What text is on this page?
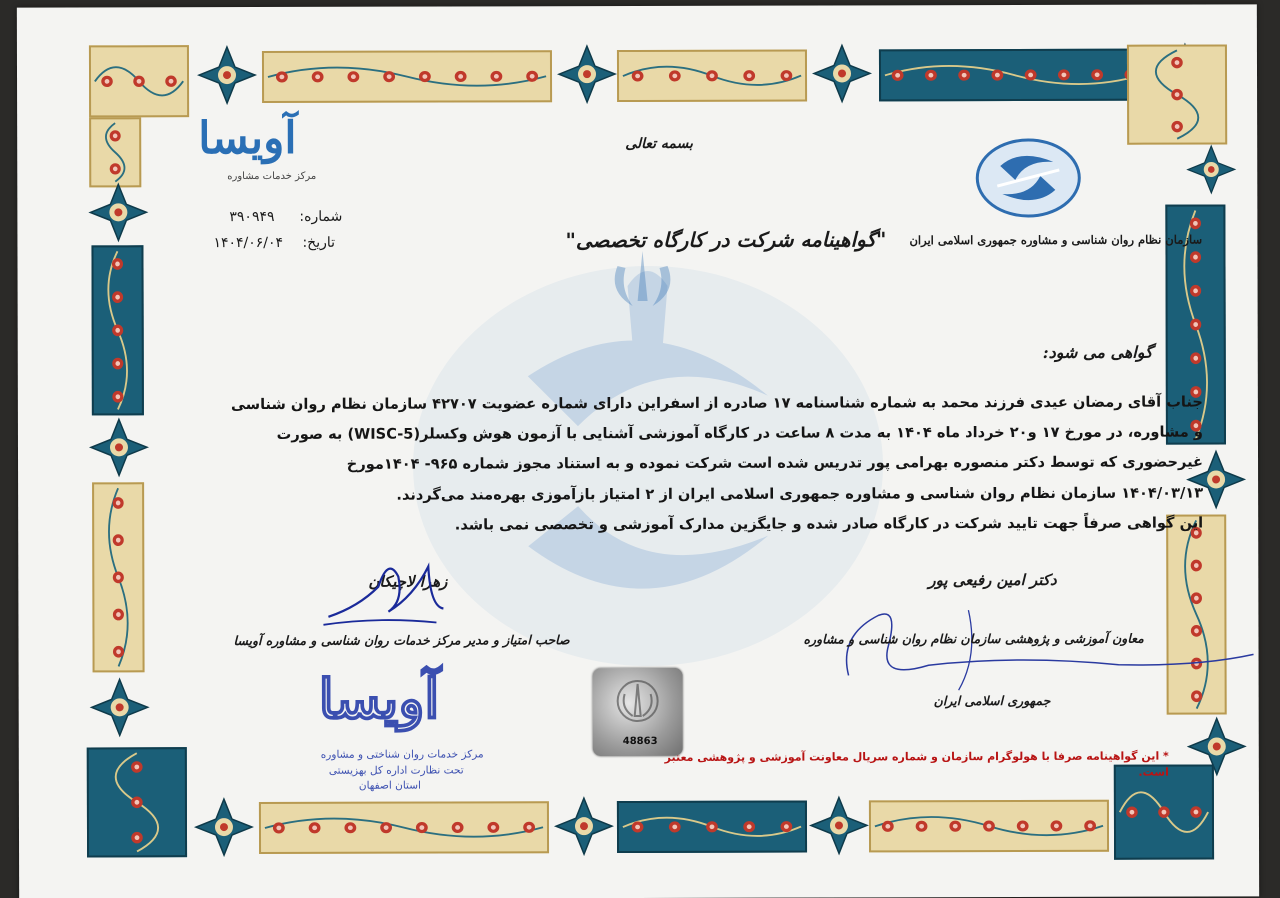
آویسا
مرکز خدمات مشاوره
شماره:
۳۹۰۹۴۹
تاریخ:
۱۴۰۴/۰۶/۰۴
بسمه تعالی
"گواهینامه شرکت در کارگاه تخصصی" سازمان نظام روان شناسی و مشاوره جمهوری اسلامی ایران
گواهی می شود:

جناب آقای رمضان عیدی فرزند محمد به شماره شناسنامه ۱۷ صادره از اسفراین دارای شماره عضویت ۴۲۷۰۷ سازمان نظام روان شناسی

و مشاوره، در مورخ ۱۷ و۲۰ خرداد ماه ۱۴۰۴ به مدت ۸ ساعت در کارگاه آموزشی آشنایی با آزمون هوش وکسلر(WISC-5) به صورت

غیرحضوری که توسط دکتر منصوره بهرامی پور تدریس شده است شرکت نموده و به استناد مجوز شماره ۹۶۵- ۱۴۰۴مورخ

۱۴۰۴/۰۳/۱۳ سازمان نظام روان شناسی و مشاوره جمهوری اسلامی ایران از ۲ امتیاز بازآموزی بهره‌مند می‌گردند.

این گواهی صرفاً جهت تایید شرکت در کارگاه صادر شده و جایگزین مدارک آموزشی و تخصصی نمی باشد.

زهرا لاچیکان
صاحب امتیاز و مدیر مرکز خدمات روان شناسی و مشاوره آویسا
دکتر امین رفیعی پور
معاون آموزشی و پژوهشی سازمان نظام روان شناسی و مشاوره
جمهوری اسلامی ایران
آویسا
مرکز خدمات روان شناختی و مشاوره
تحت نظارت اداره کل بهزیستی
استان اصفهان
48863
* این گواهینامه صرفا با هولوگرام سازمان و شماره سریال معاونت آموزشی و پژوهشی معتبر است.
